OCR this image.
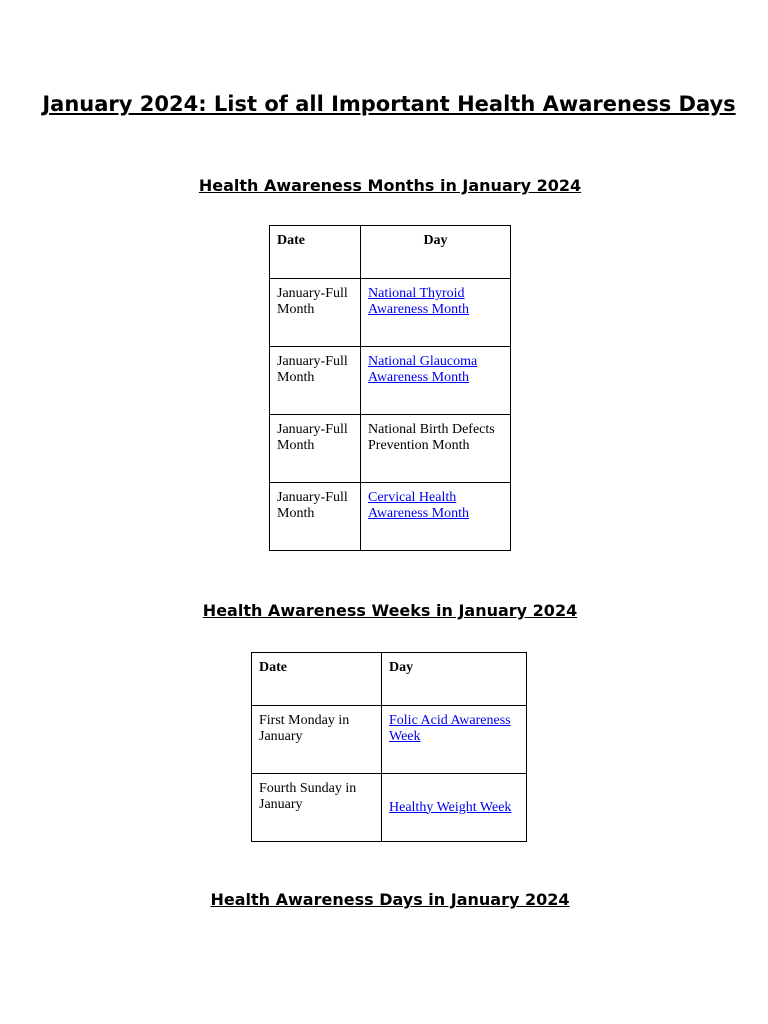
January 2024: List of all Important Health Awareness Days
Health Awareness Months in January 2024
Date	Day
January-Full Month	National Thyroid Awareness Month
January-Full Month	National Glaucoma Awareness Month
January-Full Month	National Birth Defects Prevention Month
January-Full Month	Cervical Health Awareness Month
Health Awareness Weeks in January 2024
Date	Day
First Monday in January	Folic Acid Awareness Week
Fourth Sunday in January	Healthy Weight Week
Health Awareness Days in January 2024
